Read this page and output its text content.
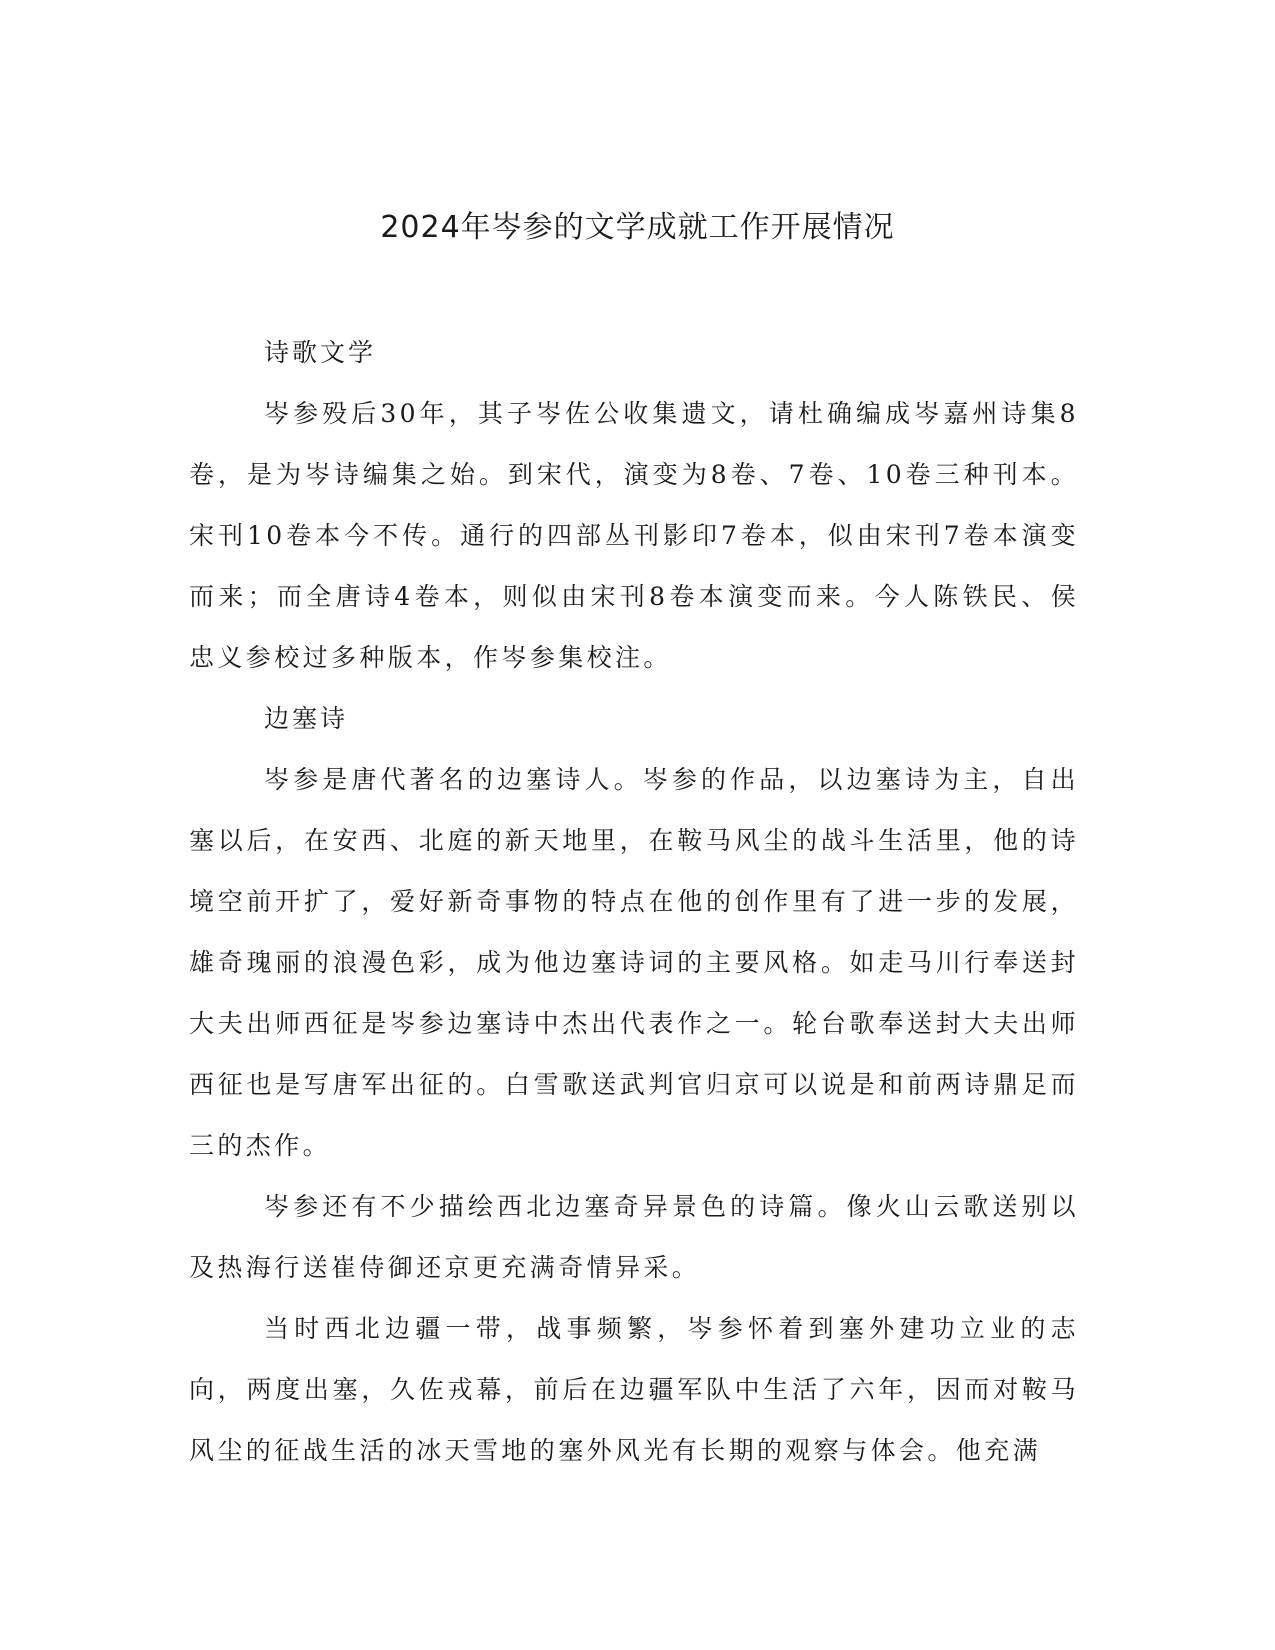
2024年岑参的文学成就工作开展情况

诗歌文学

岑参殁后30年，其子岑佐公收集遗文，请杜确编成岑嘉州诗集8卷，是为岑诗编集之始。到宋代，演变为8卷、7卷、10卷三种刊本。宋刊10卷本今不传。通行的四部丛刊影印7卷本，似由宋刊7卷本演变而来；而全唐诗4卷本，则似由宋刊8卷本演变而来。今人陈铁民、侯忠义参校过多种版本，作岑参集校注。

边塞诗

岑参是唐代著名的边塞诗人。岑参的作品，以边塞诗为主，自出塞以后，在安西、北庭的新天地里，在鞍马风尘的战斗生活里，他的诗境空前开扩了，爱好新奇事物的特点在他的创作里有了进一步的发展，雄奇瑰丽的浪漫色彩，成为他边塞诗词的主要风格。如走马川行奉送封大夫出师西征是岑参边塞诗中杰出代表作之一。轮台歌奉送封大夫出师西征也是写唐军出征的。白雪歌送武判官归京可以说是和前两诗鼎足而三的杰作。

岑参还有不少描绘西北边塞奇异景色的诗篇。像火山云歌送别以及热海行送崔侍御还京更充满奇情异采。

当时西北边疆一带，战事频繁，岑参怀着到塞外建功立业的志向，两度出塞，久佐戎幕，前后在边疆军队中生活了六年，因而对鞍马风尘的征战生活的冰天雪地的塞外风光有长期的观察与体会。他充满
